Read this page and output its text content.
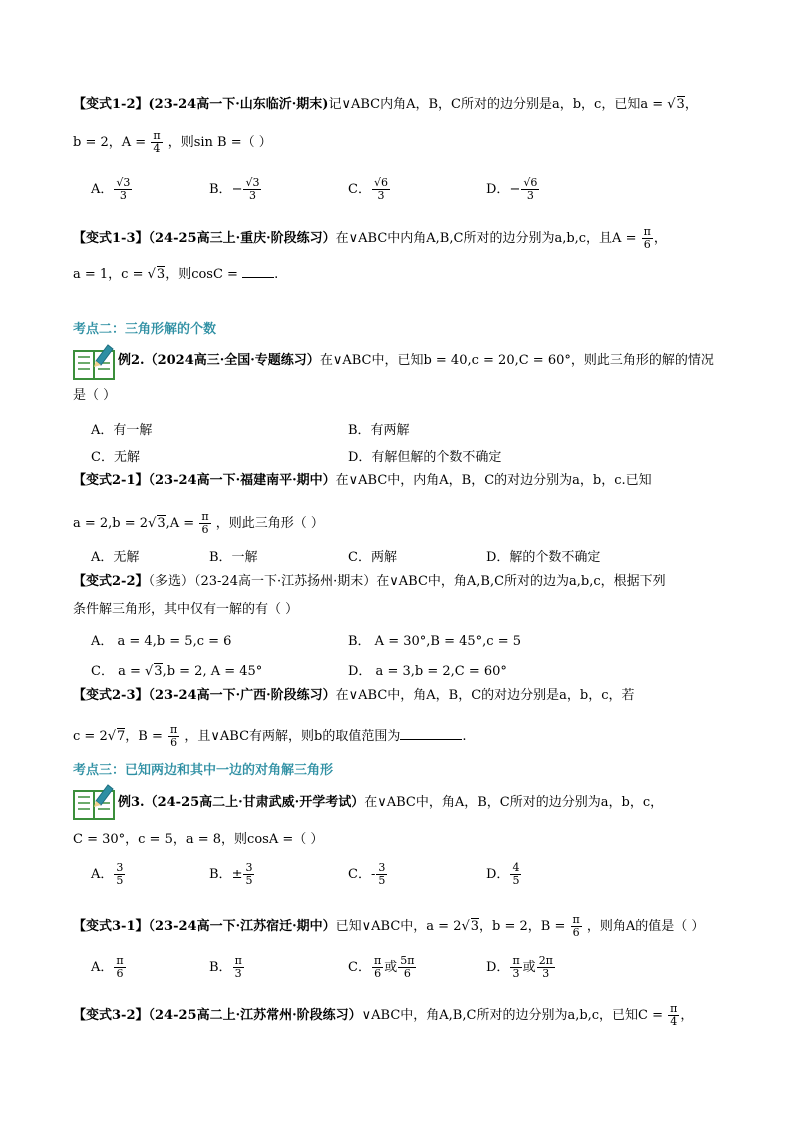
【变式1-2】(23-24高一下·山东临沂·期末)记∨ABC内角A，B，C所对的边分别是a，b，c，已知a = √3，
b = 2，$A = \frac{\pi}{4}$ ，则sin B =（ ）
A． $\frac{√3}{3}$	B．− $\frac{√3}{3}$	C． $\frac{√6}{3}$	D．− $\frac{√6}{3}$
【变式1-3】（24-25高三上·重庆·阶段练习）在∨ABC中内角A,B,C所对的边分别为a,b,c，且$A = \frac{\pi}{6}$ ，
a = 1，c = √3，则cosC =	.
考点二：三角形解的个数
例2.（2024高三·全国·专题练习）在∨ABC中，已知b = 40,c = 20,C = 60°，则此三角形的解的情况
是（ ）
A．有一解	B．有两解
C．无解	D．有解但解的个数不确定
【变式2-1】（23-24高一下·福建南平·期中）在∨ABC中，内角A，B，C的对边分别为a，b，c.已知
$a = 2,b = 2√3,A = \frac{\pi}{6}$ ，则此三角形（ ）
A．无解	B．一解	C．两解	D．解的个数不确定
【变式2-2】（多选）（23-24高一下·江苏扬州·期末）在∨ABC中，角A,B,C所对的边为a,b,c，根据下列
条件解三角形，其中仅有一解的有（ ）
A． a = 4,b = 5,c = 6	B． A = 30°,B = 45°,c = 5
C． a = √3,b = 2, A = 45°	D． a = 3,b = 2,C = 60°
【变式2-3】（23-24高一下·广西·阶段练习）在∨ABC中，角A，B，C的对边分别是a，b，c，若
c = 2√7，$B = \frac{\pi}{6}$ ，且∨ABC有两解，则b的取值范围为	.
考点三：已知两边和其中一边的对角解三角形
例3.（24-25高二上·甘肃武威·开学考试）在∨ABC中，角A，B，C所对的边分别为a，b，c，
C = 30°，c = 5，a = 8，则cosA =（ ）
A． $\frac{3}{5}$	B．± $\frac{3}{5}$	C．- $\frac{3}{5}$	D． $\frac{4}{5}$
【变式3-1】（23-24高一下·江苏宿迁·期中）已知∨ABC中，a = 2√3，b = 2，$B = \frac{\pi}{6}$ ，则角A的值是（ ）
A． $\frac{\pi}{6}$	B． $\frac{\pi}{3}$	C． $\frac{\pi}{6}$ 或 $\frac{5\pi}{6}$	D． $\frac{\pi}{3}$ 或 $\frac{2\pi}{3}$
【变式3-2】（24-25高二上·江苏常州·阶段练习）∨ABC中，角A,B,C所对的边分别为a,b,c，已知$C = \frac{\pi}{4}$ ，
